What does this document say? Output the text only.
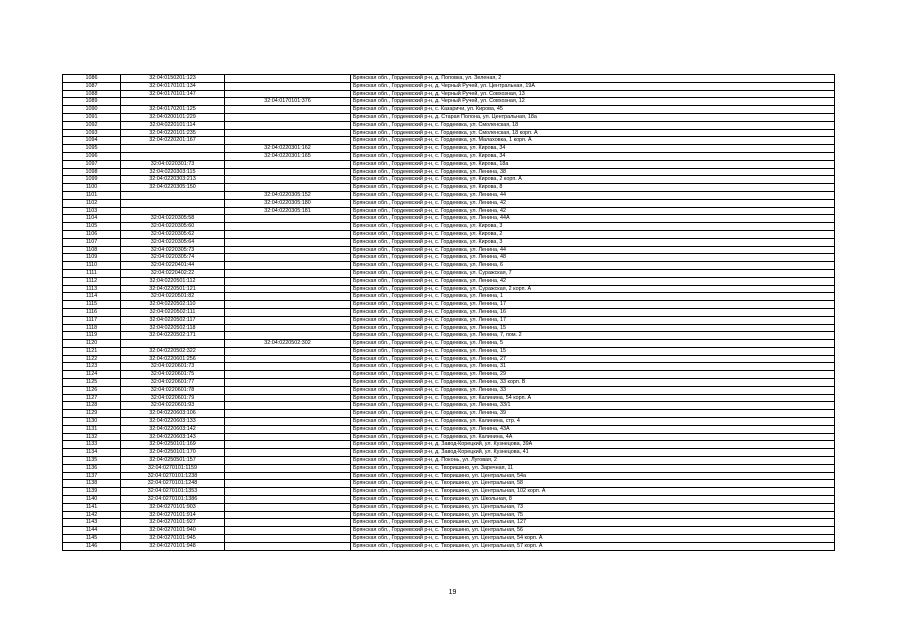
1086	32:04:0150201:123		Брянская обл., Гордеевский р-н, д. Поповка, ул. Зеленая, 2
1087	32:04:0170101:134		Брянская обл., Гордеевский р-н, д. Черный Ручей, ул. Центральная, 19А
1088	32:04:0170101:147		Брянская обл., Гордеевский р-н, д. Черный Ручей, ул. Совхозная, 13
1089		32:04:0170101:376	Брянская обл., Гордеевский р-н, д. Черный Ручей, ул. Совхозная, 12
1090	32:04:0170201:125		Брянская обл., Гордеевский р-н, с. Казаричи, ул. Кирова, 45
1091	32:04:0200101:229		Брянская обл., Гордеевский р-н, д. Старая Полона, ул. Центральная, 18а
1092	32:04:0220101:114		Брянская обл., Гордеевский р-н, с. Гордеевка, ул. Смоленская, 18
1093	32:04:0220101:235		Брянская обл., Гордеевский р-н, с. Гордеевка, ул. Смоленская, 18 корп. А
1094	32:04:0220201:167		Брянская обл., Гордеевский р-н, с. Гордеевка, ул. Малаховка, 1 корп. А
1095		32:04:0220301:162	Брянская обл., Гордеевский р-н, с. Гордеевка, ул. Кирова, 34
1096		32:04:0220301:165	Брянская обл., Гордеевский р-н, с. Гордеевка, ул. Кирова, 34
1097	32:04:0220301:73		Брянская обл., Гордеевский р-н, с. Гордеевка, ул. Кирова, 18а
1098	32:04:0220303:115		Брянская обл., Гордеевский р-н, с. Гордеевка, ул. Ленина, 38
1099	32:04:0220303:213		Брянская обл., Гордеевский р-н, с. Гордеевка, ул. Кирова, 2 корп. А
1100	32:04:0220305:150		Брянская обл., Гордеевский р-н, с. Гордеевка, ул. Кирова, 8
1101		32:04:0220305:152	Брянская обл., Гордеевский р-н, с. Гордеевка, ул. Ленина, 44
1102		32:04:0220305:180	Брянская обл., Гордеевский р-н, с. Гордеевка, ул. Ленина, 42
1103		32:04:0220305:181	Брянская обл., Гордеевский р-н, с. Гордеевка, ул. Ленина, 42
1104	32:04:0220305:58		Брянская обл., Гордеевский р-н, с. Гордеевка, ул. Ленина, 44А
1105	32:04:0220305:60		Брянская обл., Гордеевский р-н, с. Гордеевка, ул. Кирова, 3
1106	32:04:0220305:62		Брянская обл., Гордеевский р-н, с. Гордеевка, ул. Кирова, 2
1107	32:04:0220305:64		Брянская обл., Гордеевский р-н, с. Гордеевка, ул. Кирова, 3
1108	32:04:0220305:73		Брянская обл., Гордеевский р-н, с. Гордеевка, ул. Ленина, 44
1109	32:04:0220305:74		Брянская обл., Гордеевский р-н, с. Гордеевка, ул. Ленина, 48
1110	32:04:0220401:44		Брянская обл., Гордеевский р-н, с. Гордеевка, ул. Ленина, 6
1111	32:04:0220402:22		Брянская обл., Гордеевский р-н, с. Гордеевка, ул. Суражская, 7
1112	32:04:0220501:112		Брянская обл., Гордеевский р-н, с. Гордеевка, ул. Ленина, 42
1113	32:04:0220501:121		Брянская обл., Гордеевский р-н, с. Гордеевка, ул. Суражская, 2 корп. А
1114	32:04:0220501:82		Брянская обл., Гордеевский р-н, с. Гордеевка, ул. Ленина, 1
1115	32:04:0220502:110		Брянская обл., Гордеевский р-н, с. Гордеевка, ул. Ленина, 17
1116	32:04:0220502:111		Брянская обл., Гордеевский р-н, с. Гордеевка, ул. Ленина, 16
1117	32:04:0220502:117		Брянская обл., Гордеевский р-н, с. Гордеевка, ул. Ленина, 17
1118	32:04:0220502:118		Брянская обл., Гордеевский р-н, с. Гордеевка, ул. Ленина, 15
1119	32:04:0220502:171		Брянская обл., Гордеевский р-н, с. Гордеевка, ул. Ленина, 7, пом. 2
1120		32:04:0220502:302	Брянская обл., Гордеевский р-н, с. Гордеевка, ул. Ленина, 5
1121	32:04:0220502:322		Брянская обл., Гордеевский р-н, с. Гордеевка, ул. Ленина, 15
1122	32:04:0220601:256		Брянская обл., Гордеевский р-н, с. Гордеевка, ул. Ленина, 27
1123	32:04:0220601:73		Брянская обл., Гордеевский р-н, с. Гордеевка, ул. Ленина, 31
1124	32:04:0220601:75		Брянская обл., Гордеевский р-н, с. Гордеевка, ул. Ленина, 29
1125	32:04:0220601:77		Брянская обл., Гордеевский р-н, с. Гордеевка, ул. Ленина, 33 корп. В
1126	32:04:0220601:78		Брянская обл., Гордеевский р-н, с. Гордеевка, ул. Ленина, 33
1127	32:04:0220601:79		Брянская обл., Гордеевский р-н, с. Гордеевка, ул. Калинина, 54 корп. А
1128	32:04:0220601:93		Брянская обл., Гордеевский р-н, с. Гордеевка, ул. Ленина, 33/1
1129	32:04:0220603:106		Брянская обл., Гордеевский р-н, с. Гордеевка, ул. Ленина, 39
1130	32:04:0220603:133		Брянская обл., Гордеевский р-н, с. Гордеевка, ул. Калинина, стр. 4
1131	32:04:0220603:142		Брянская обл., Гордеевский р-н, с. Гордеевка, ул. Ленина, 43А
1132	32:04:0220603:143		Брянская обл., Гордеевский р-н, с. Гордеевка, ул. Калинина, 4А
1133	32:04:0250101:169		Брянская обл., Гордеевский р-н, д. Завод-Корецкий, ул. Кузнецова, 39А
1134	32:04:0250101:170		Брянская обл., Гордеевский р-н, д. Завод-Корецкий, ул. Кузнецова, 41
1135	32:04:0250501:157		Брянская обл., Гордеевский р-н, д. Поконь, ул. Луговая, 2
1136	32:04:0270101:1159		Брянская обл., Гордеевский р-н, с. Творишино, ул. Заречная, 11
1137	32:04:0270101:1238		Брянская обл., Гордеевский р-н, с. Творишино, ул. Центральная, 54а
1138	32:04:0270101:1248		Брянская обл., Гордеевский р-н, с. Творишино, ул. Центральная, 58
1139	32:04:0270101:1353		Брянская обл., Гордеевский р-н, с. Творишино, ул. Центральная, 102 корп. А
1140	32:04:0270101:1386		Брянская обл., Гордеевский р-н, с. Творишино, ул. Школьная, 8
1141	32:04:0270101:903		Брянская обл., Гордеевский р-н, с. Творишино, ул. Центральная, 73
1142	32:04:0270101:914		Брянская обл., Гордеевский р-н, с. Творишино, ул. Центральная, 75
1143	32:04:0270101:927		Брянская обл., Гордеевский р-н, с. Творишино, ул. Центральная, 127
1144	32:04:0270101:940		Брянская обл., Гордеевский р-н, с. Творишино, ул. Центральная, 56
1145	32:04:0270101:945		Брянская обл., Гордеевский р-н, с. Творишино, ул. Центральная, 54 корп. А
1146	32:04:0270101:948		Брянская обл., Гордеевский р-н, с. Творишино, ул. Центральная, 57 корп. А
19
